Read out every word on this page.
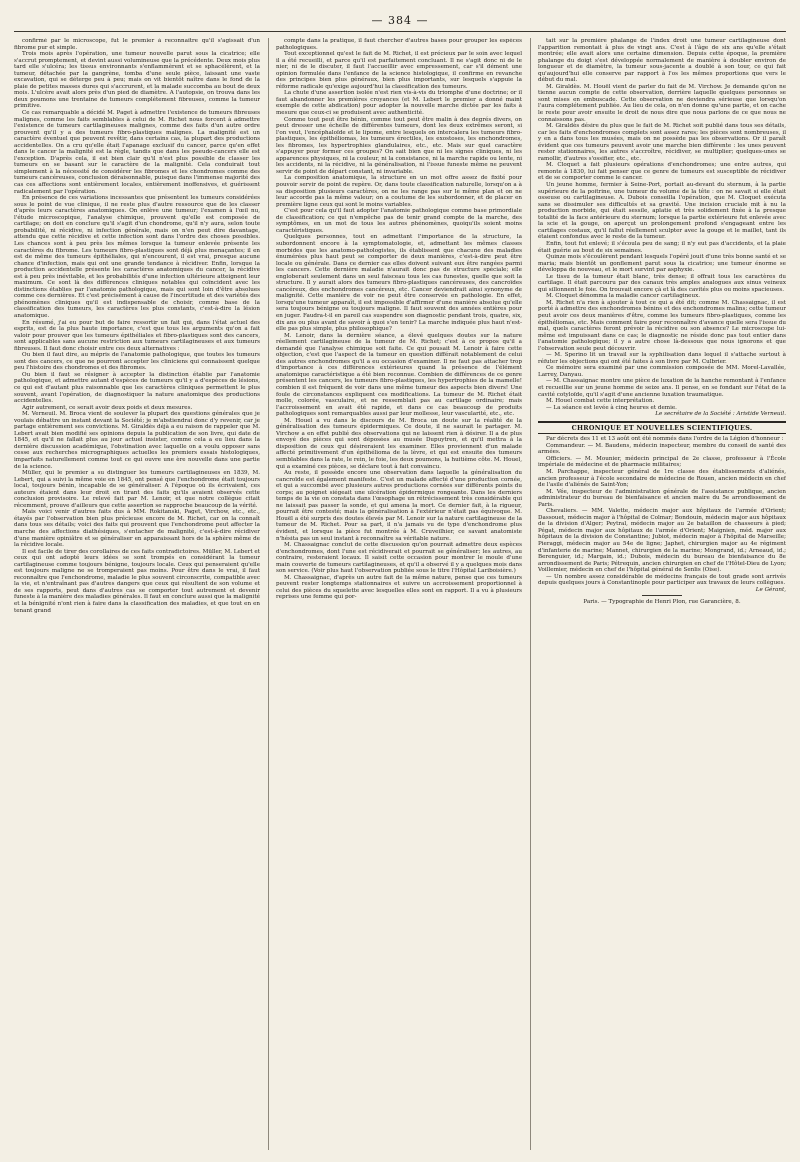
— 384 —

confirmé par le microscope, fut le premier à reconnaître qu'il s'agissait d'un fibrome pur et simple.

Trois mois après l'opération, une tumeur nouvelle parut sous la cicatrice; elle s'accrut promptement, et devint aussi volumineuse que la précédente. Deux mois plus tard elle s'ulcéra; les tissus environnants s'enflammèrent et se sphacélèrent, et la tumeur, détachée par la gangrène, tomba d'une seule pièce, laissant une vaste excavation, qui se déterge peu à peu; mais on vit bientôt naître dans le fond de la plaie de petites masses dures qui s'accrurent, et la malade succomba au bout de deux mois. L'ulcère avait alors près d'un pied de diamètre. A l'autopsie, on trouva dans les deux poumons une trentaine de tumeurs complétement fibreuses, comme la tumeur primitive.

Ce cas remarquable a décidé M. Paget à admettre l'existence de tumeurs fibreuses malignes, comme les faits semblables à celui de M. Richet nous forcent à admettre l'existence de tumeurs cartilagineuses malignes, comme des faits d'un autre ordre prouvent qu'il y a des tumeurs fibro-plastiques malignes. La malignité est un caractère éventuel que peuvent revêtir, dans certains cas, la plupart des productions accidentelles. On a cru qu'elle était l'apanage exclusif du cancer, parce qu'en effet dans le cancer la malignité est la règle, tandis que dans les pseudo-cancers elle est l'exception. D'après cela, il est bien clair qu'il n'est plus possible de classer les tumeurs en se basant sur le caractère de la malignité. Cela conduirait tout simplement à la nécessité de considérer les fibromes et les chondromes comme des tumeurs cancéreuses, conclusion déraisonnable, puisque dans l'immense majorité des cas ces affections sont entièrement locales, entièrement inoffensives, et guérissent radicalement par l'opération.

En présence de ces variations incessantes que présentent les tumeurs considérées sous le point de vue clinique, il ne reste plus d'autre ressource que de les classer d'après leurs caractères anatomiques. On enlève une tumeur; l'examen à l'œil nu, l'étude microscopique, l'analyse chimique, prouvent qu'elle est composée de cartilage; on doit en conclure qu'il s'agit d'un chondrome, qu'il n'y aura, selon toute probabilité, ni récidive, ni infection générale, mais on n'en peut dire davantage, attendu que cette récidive et cette infection sont dans l'ordre des choses possibles. Les chances sont à peu près les mêmes lorsque la tumeur enlevée présente les caractères du fibrome. Les tumeurs fibro-plastiques sont déjà plus menaçantes; il en est de même des tumeurs épithéliales, qui n'encourent, il est vrai, presque aucune chance d'infection, mais qui ont une grande tendance à récidiver. Enfin, lorsque la production accidentelle présente les caractères anatomiques du cancer, la récidive est à peu près inévitable, et les probabilités d'une infection ultérieure atteignent leur maximum. Ce sont là des différences cliniques notables qui coïncident avec les distinctions établies par l'anatomie pathologique, mais qui sont loin d'être absolues comme ces dernières. Et c'est précisément à cause de l'incertitude et des variétés des phénomènes cliniques qu'il est indispensable de choisir, comme base de la classification des tumeurs, les caractères les plus constants, c'est-à-dire la lésion anatomique.

En résumé, j'ai eu pour but de faire ressortir un fait qui, dans l'état actuel des esprits, est de la plus haute importance, c'est que tous les arguments qu'on a fait valoir pour prouver que les tumeurs épithéliales et fibro-plastiques sont des cancers, sont applicables sans aucune restriction aux tumeurs cartilagineuses et aux tumeurs fibreuses. Il faut donc choisir entre ces deux alternatives :

Ou bien il faut dire, au mépris de l'anatomie pathologique, que toutes les tumeurs sont des cancers, ce que ne pourront accepter les cliniciens qui connaissent quelque peu l'histoire des chondromes et des fibromes.

Ou bien il faut se résigner à accepter la distinction établie par l'anatomie pathologique, et admettre autant d'espèces de tumeurs qu'il y a d'espèces de lésions, ce qui est d'autant plus raisonnable que les caractères cliniques permettent le plus souvent, avant l'opération, de diagnostiquer la nature anatomique des productions accidentelles.

Agir autrement, ce serait avoir deux poids et deux mesures.

M. Verneuil. M. Broca vient de soulever la plupart des questions générales que je voulais débattre un instant devant la Société; je m'abstiendrai donc d'y revenir, car je partage entièrement ses convictions. M. Giraldès déjà a eu raison de rappeler que M. Lebert avait bien modifié ses opinions depuis la publication de son livre, qui date de 1845, et qu'il ne fallait plus au jour actuel insister, comme cela a eu lieu dans la dernière discussion académique, l'obstination avec laquelle on a voulu opposer sans cesse aux recherches micrographiques actuelles les premiers essais histologiques, imparfaits naturellement comme tout ce qui ouvre une ère nouvelle dans une partie de la science.

Müller, qui le premier a su distinguer les tumeurs cartilagineuses en 1839, M. Lebert, qui a suivi la même voie en 1845, ont pensé que l'enchondrome était toujours local, toujours bénin, incapable de se généraliser. A l'époque où ils écrivaient, ces auteurs étaient dans leur droit en tirant des faits qu'ils avaient observés cette conclusion provisoire. Le relevé fait par M. Lenoir, et que notre collègue citait récemment, prouve d'ailleurs que cette assertion se rapproche beaucoup de la vérité.

Mais voici venir d'autres faits dus à MM. Rokitanski, Paget, Virchow, etc., etc., étayés par l'observation bien plus précieuse encore de M. Richet, car on la connaît dans tous ses détails; voici des faits qui prouvent que l'enchondrome peut affecter la marche des affections diathésiques, s'entacher de malignité, c'est-à-dire récidiver d'une manière opiniâtre et se généraliser en apparaissant hors de la sphère même de la récidive locale.

Il est facile de tirer des corollaires de ces faits contradictoires. Müller, M. Lebert et ceux qui ont adopté leurs idées se sont trompés en considérant la tumeur cartilagineuse comme toujours bénigne, toujours locale. Ceux qui penseraient qu'elle est toujours maligne ne se tromperaient pas moins. Pour être dans le vrai, il faut reconnaître que l'enchondrome, maladie le plus souvent circonscrite, compatible avec la vie, et n'entraînant pas d'autres dangers que ceux qui résultent de son volume et de ses rapports, peut dans d'autres cas se comporter tout autrement et devenir funeste à la manière des maladies générales. Il faut en conclure aussi que la malignité et la bénignité n'ont rien à faire dans la classification des maladies, et que tout en en tenant grand

compte dans la pratique, il faut chercher d'autres bases pour grouper les espèces pathologiques.

Tout exceptionnel qu'est le fait de M. Richet, il est précieux par le soin avec lequel il a été recueilli, et parce qu'il est parfaitement concluant. Il ne s'agit donc ni de le nier, ni de le discuter, il faut l'accueillir avec empressement, car s'il dément une opinion formulée dans l'enfance de la science histologique, il confirme en revanche des principes bien plus généraux, bien plus importants, sur lesquels s'appuie la réforme radicale qu'exige aujourd'hui la classification des tumeurs.

La chute d'une assertion isolée n'est rien vis-à-vis du triomphe d'une doctrine; or il faut abandonner les premières croyances (et M. Lebert le premier a donné maint exemple de cette abdication) pour adopter la nouvelle marche dictée par les faits à mesure que ceux-ci se produisent avec authenticité.

Comme tout peut être bénin, comme tout peut être malin à des degrés divers, on peut dresser une échelle de différentes tumeurs, dont les deux extrêmes seront, si l'on veut, l'encéphaloïde et le lipome, entre lesquels on intercalera les tumeurs fibro-plastiques, les épithéliomas, les tumeurs érectiles, les exostoses, les enchondromes, les fibromes, les hypertrophies glandulaires, etc., etc. Mais sur quel caractère s'appuyer pour former ces groupes? On sait bien que ni les signes cliniques, ni les apparences physiques, ni la couleur, ni la consistance, ni la marche rapide ou lente, ni les accidents, ni la récidive, ni la généralisation, ni l'issue funeste même ne peuvent servir de point de départ constant, ni invariable.

La composition anatomique, la structure en un mot offre assez de fixité pour pouvoir servir de point de repère. Or, dans toute classification naturelle, lorsqu'on a à sa disposition plusieurs caractères, on ne les range pas sur le même plan et on ne leur accorde pas la même valeur; on a coutume de les subordonner, et de placer en première ligne ceux qui sont le moins variables.

C'est pour cela qu'il faut adopter l'anatomie pathologique comme base primordiale de classification; ce qui n'empêche pas de tenir grand compte de la marche, des symptômes, en un mot de tous les autres phénomènes, quoiqu'ils soient moins caractéristiques.

Quelques personnes, tout en admettant l'importance de la structure, la subordonnent encore à la symptomatologie, et, admettant les mêmes classes morbides que les anatomo-pathologistes, ils établissent que chacune des maladies énumérées plus haut peut se comporter de deux manières, c'est-à-dire peut être locale ou générale. Dans ce dernier cas elles doivent suivant eux être rangées parmi les cancers. Cette dernière maladie n'aurait donc pas de structure spéciale; elle engloberait seulement dans un seul faisceau tous les cas funestes, quelle que soit la structure. Il y aurait alors des tumeurs fibro-plastiques cancéreuses, des cancroïdes cancéreux, des enchondromes cancéreux, etc. Cancer deviendrait ainsi synonyme de malignité. Cette manière de voir ne peut être conservée en pathologie. En effet, lorsqu'une tumeur apparaît, il est impossible d'affirmer d'une manière absolue qu'elle sera toujours bénigne ou toujours maligne. Il faut souvent des années entières pour en juger. Faudra-t-il en pareil cas suspendre son diagnostic pendant trois, quatre, six, dix ans ou plus avant de savoir à quoi s'en tenir? La marche indiquée plus haut n'est-elle pas plus simple, plus philosophique?

M. Lenoir, dans la dernière séance, a élevé quelques doutes sur la nature réellement cartilagineuse de la tumeur de M. Richet; c'est à ce propos qu'il a demandé que l'analyse chimique soit faite. Ce qui pousait M. Lenoir à faire cette objection, c'est que l'aspect de la tumeur en question différait notablement de celui des autres enchondromes qu'il a eu occasion d'examiner. Il ne faut pas attacher trop d'importance à ces différences extérieures quand la présence de l'élément anatomique caractéristique a été bien reconnue. Combien de différences de ce genre présentent les cancers, les tumeurs fibro-plastiques, les hypertrophies de la mamelle! combien il est fréquent de voir dans une même tumeur des aspects bien divers! Une foule de circonstances expliquent ces modifications. La tumeur de M. Richet était molle, colorée, vasculaire, et ne ressemblait pas au cartilage ordinaire; mais l'accroissement en avait été rapide, et dans ce cas beaucoup de produits pathologiques sont remarquables aussi par leur mollesse, leur vascularité, etc., etc.

M. Houel a vu dans le discours de M. Broca un doute sur la réalité de la généralisation des tumeurs épidermiques. Ce doute, il ne saurait le partager. M. Virchow a en effet publié des observations qui ne laissent rien à désirer. Il a de plus envoyé des pièces qui sont déposées au musée Dupuytren, et qu'il mettra à la disposition de ceux qui désireraient les examiner. Elles proviennent d'un malade affecté primitivement d'un épithélioma de la lèvre, et qui est ensuite des tumeurs semblables dans la rate, le rein, le foie, les deux poumons, la huitième côte. M. Houel, qui a examiné ces pièces, se déclare tout à fait convaincu.

Au reste, il possède encore une observation dans laquelle la généralisation du cancroïde est également manifeste. C'est un malade affecté d'une production cornée, et qui a succombé avec plusieurs autres productions cornées sur différents points du corps; au poignet siégeait une ulcération épidermique rongeante. Dans les derniers temps de la vie on constata dans l'œsophage un rétrécissement très considérable qui ne laissait pas passer la sonde, et qui amena la mort. Ce dernier fait, à la rigueur, pourrait être contesté; mais la généralisation à l'extérieur n'était pas équivoque. M. Houël a été surpris des doutes élevés par M. Lenoir sur la nature cartilagineuse de la tumeur de M. Richet. Pour sa part, il n'a jamais vu de type d'enchondrome plus évident, et lorsque la pièce fut montrée à M. Cruveilhier, ce savant anatomiste n'hésita pas un seul instant à reconnaître sa véritable nature.

M. Chassaignac conclut de cette discussion qu'on pourrait admettre deux espèces d'enchondromes, dont l'une est récidiverait et pourrait se généraliser; les autres, au contraire, resteraient locaux. Il saisit cette occasion pour montrer le moule d'une main couverte de tumeurs cartilagineuses, et qu'il a observé il y a quelques mois dans son service. (Voir plus haut l'observation publiée sous le titre l'Hôpital Lariboisière.)

M. Chassaignac, d'après un autre fait de la même nature, pense que ces tumeurs peuvent rester longtemps stationnaires et suivre un accroissement proportionnel à celui des pièces du squelette avec lesquelles elles sont en rapport. Il a vu à plusieurs reprises une femme qui por-

tait sur la première phalange de l'index droit une tumeur cartilagineuse dont l'apparition remontait à plus de vingt ans. C'est à l'âge de six ans qu'elle s'était montrée; elle avait alors une certaine dimension. Depuis cette époque, la première phalange du doigt s'est développée normalement de manière à doubler environ de longueur et de diamètre, la tumeur sous-jacente a doublé à son tour, ce qui fait qu'aujourd'hui elle conserve par rapport à l'os les mêmes proportions que vers le début du mal.

M. Giraldès. M. Houël vient de parler du fait de M. Virchow. Je demande qu'on ne tienne aucun compte de cette observation, derrière laquelle quelques personnes se sont mises en embuscade. Cette observation ne deviendra sérieuse que lorsqu'on l'aura complétement publiée. Au lieu de cela, on n'en donne qu'une partie, et on cache le reste pour avoir ensuite le droit de nous dire que nous parlons de ce que nous ne connaissons pas.

M. Giraldès désire du plus que le fait de M. Richet soit publié dans tous ses détails, car les faits d'enchondromes complets sont assez rares; les pièces sont nombreuses, il y en a dans tous les musées, mais on ne possède pas les observations. Or il paraît évident que ces tumeurs peuvent avoir une marche bien différente : les unes peuvent rester stationnaires, les autres s'accroître, récidiver, se multiplier; quelques-unes se ramollir, d'autres s'ossifier, etc., etc.

M. Cloquet a fait plusieurs opérations d'enchondromes; une entre autres, qui remonte à 1830, lui fait penser que ce genre de tumeurs est susceptible de récidiver et de se comporter comme le cancer.

Un jeune homme, fermier à Seine-Port, portait au-devant du sternum, à la partie supérieure de la poitrine, une tumeur du volume de la tête : on ne savait si elle était osseuse ou cartilagineuse. A. Dubois conseilla l'opération, que M. Cloquet exécuta sans se dissimuler ses difficultés et sa gravité. Une incision cruciale mit à nu la production morbide, qui était sessile, aplatie et très solidement fixée à la presque totalité de la face antérieure du sternum; lorsque la partie extérieure fut enlevée avec la scie et la gouge, on aperçut un prolongement profond s'engageant entre les cartilages costaux, qu'il fallut réellement sculpter avec la gouge et le maillet, tant ils étaient confondus avec le reste de la tumeur.

Enfin, tout fut enlevé; il s'écoula peu de sang; il n'y eut pas d'accidents, et la plaie était guérie au bout de six semaines.

Quinze mois s'écoulèrent pendant lesquels l'opéré jouit d'une très bonne santé et se maria; mais bientôt un gonflement parut sous la cicatrice; une tumeur énorme se développa de nouveau, et le mort survint par asphyxie.

Le tissu de la tumeur était blanc, très dense; il offrait tous les caractères du cartilage. Il était parcouru par des canaux très amples analogues aux sinus veineux qui sillonnent le foie. On trouvait encore çà et là des cavités plus ou moins spacieuses.

M. Cloquet dénomma la maladie cancer cartilagineux.

M. Richet n'a rien à ajouter à tout ce qui a été dit; comme M. Chassaignac, il est porté à admettre des enchondromes bénins et des enchondromes malins; cette tumeur peut avoir ces deux manières d'être, comme les tumeurs fibro-plastiques, comme les épithéliomas, etc. Mais comment faire pour reconnaître d'avance quelle sera l'issue du mal, quels caractères feront prévoir la récidive ou son absence? Le microscope lui-même est impuissant dans ce cas; le diagnostic ne réside donc pas tout entier dans l'anatomie pathologique; il y a autre chose là-dessous que nous ignorons et que l'observation seule peut découvrir.

— M. Sperino lit un travail sur la syphilisation dans lequel il s'attache surtout à réfuter les objections qui ont été faites à son livre par M. Culbrier.

Ce mémoire sera examiné par une commission composée de MM. Morel-Lavallée, Larrey, Danyau.

— M. Chassaignac montre une pièce de luxation de la hanche remontant à l'enfance et recueillie sur un jeune homme de seize ans. Il pense, en se fondant sur l'état de la cavité cotyloïde, qu'il s'agit d'une ancienne luxation traumatique.

M. Houel combat cette interprétation.

— La séance est levée à cinq heures et demie.

Le secrétaire de la Société : Aristide Verneuil.

CHRONIQUE ET NOUVELLES SCIENTIFIQUES.

Par décrets des 11 et 13 août ont été nommés dans l'ordre de la Légion d'honneur :

Commandeur. — M. Baudens, médecin inspecteur, membre du conseil de santé des armées.

Officiers. — M. Mounier, médecin principal de 2e classe, professeur à l'École impériale de médecine et de pharmacie militaires;

M. Parchappe, inspecteur général de 1re classe des établissements d'aliénés, ancien professeur à l'école secondaire de médecine de Rouen, ancien médecin en chef de l'asile d'aliénés de Saint-Yon;

M. Vée, inspecteur de l'administration générale de l'assistance publique, ancien administrateur du bureau de bienfaisance et ancien maire du 5e arrondissement de Paris.

Chevaliers. — MM. Valette, médecin major aux hôpitaux de l'armée d'Orient; Dassouet, médecin major à l'hôpital de Colmar; Bondouin, médecin major aux hôpitaux de la division d'Alger; Peytral, médecin major au 2e bataillon de chasseurs à pied; Pégat, médecin major aux hôpitaux de l'armée d'Orient; Maignien, méd. major aux hôpitaux de la division de Constantine; Jubiot, médecin major à l'hôpital de Marseille; Pieraggi, médecin major au 54e de ligne; Japhet, chirurgien major au 4e régiment d'infanterie de marine; Mannet, chirurgien de la marine; Mongrand, id.; Arneaud, id.; Berenguier, id.; Margain, id.; Dubois, médecin du bureau de bienfaisance du 8e arrondissement de Paris; Pétrequin, ancien chirurgien en chef de l'Hôtel-Dieu de Lyon; Voillemier, médecin en chef de l'hôpital général de Senlis (Oise).

— Un nombre assez considérable de médecins français de tout grade sont arrivés depuis quelques jours à Constantinople pour participer aux travaux de leurs collègues.

Le Gérant,

Paris. — Typographie de Henri Plon, rue Garancière, 8.
